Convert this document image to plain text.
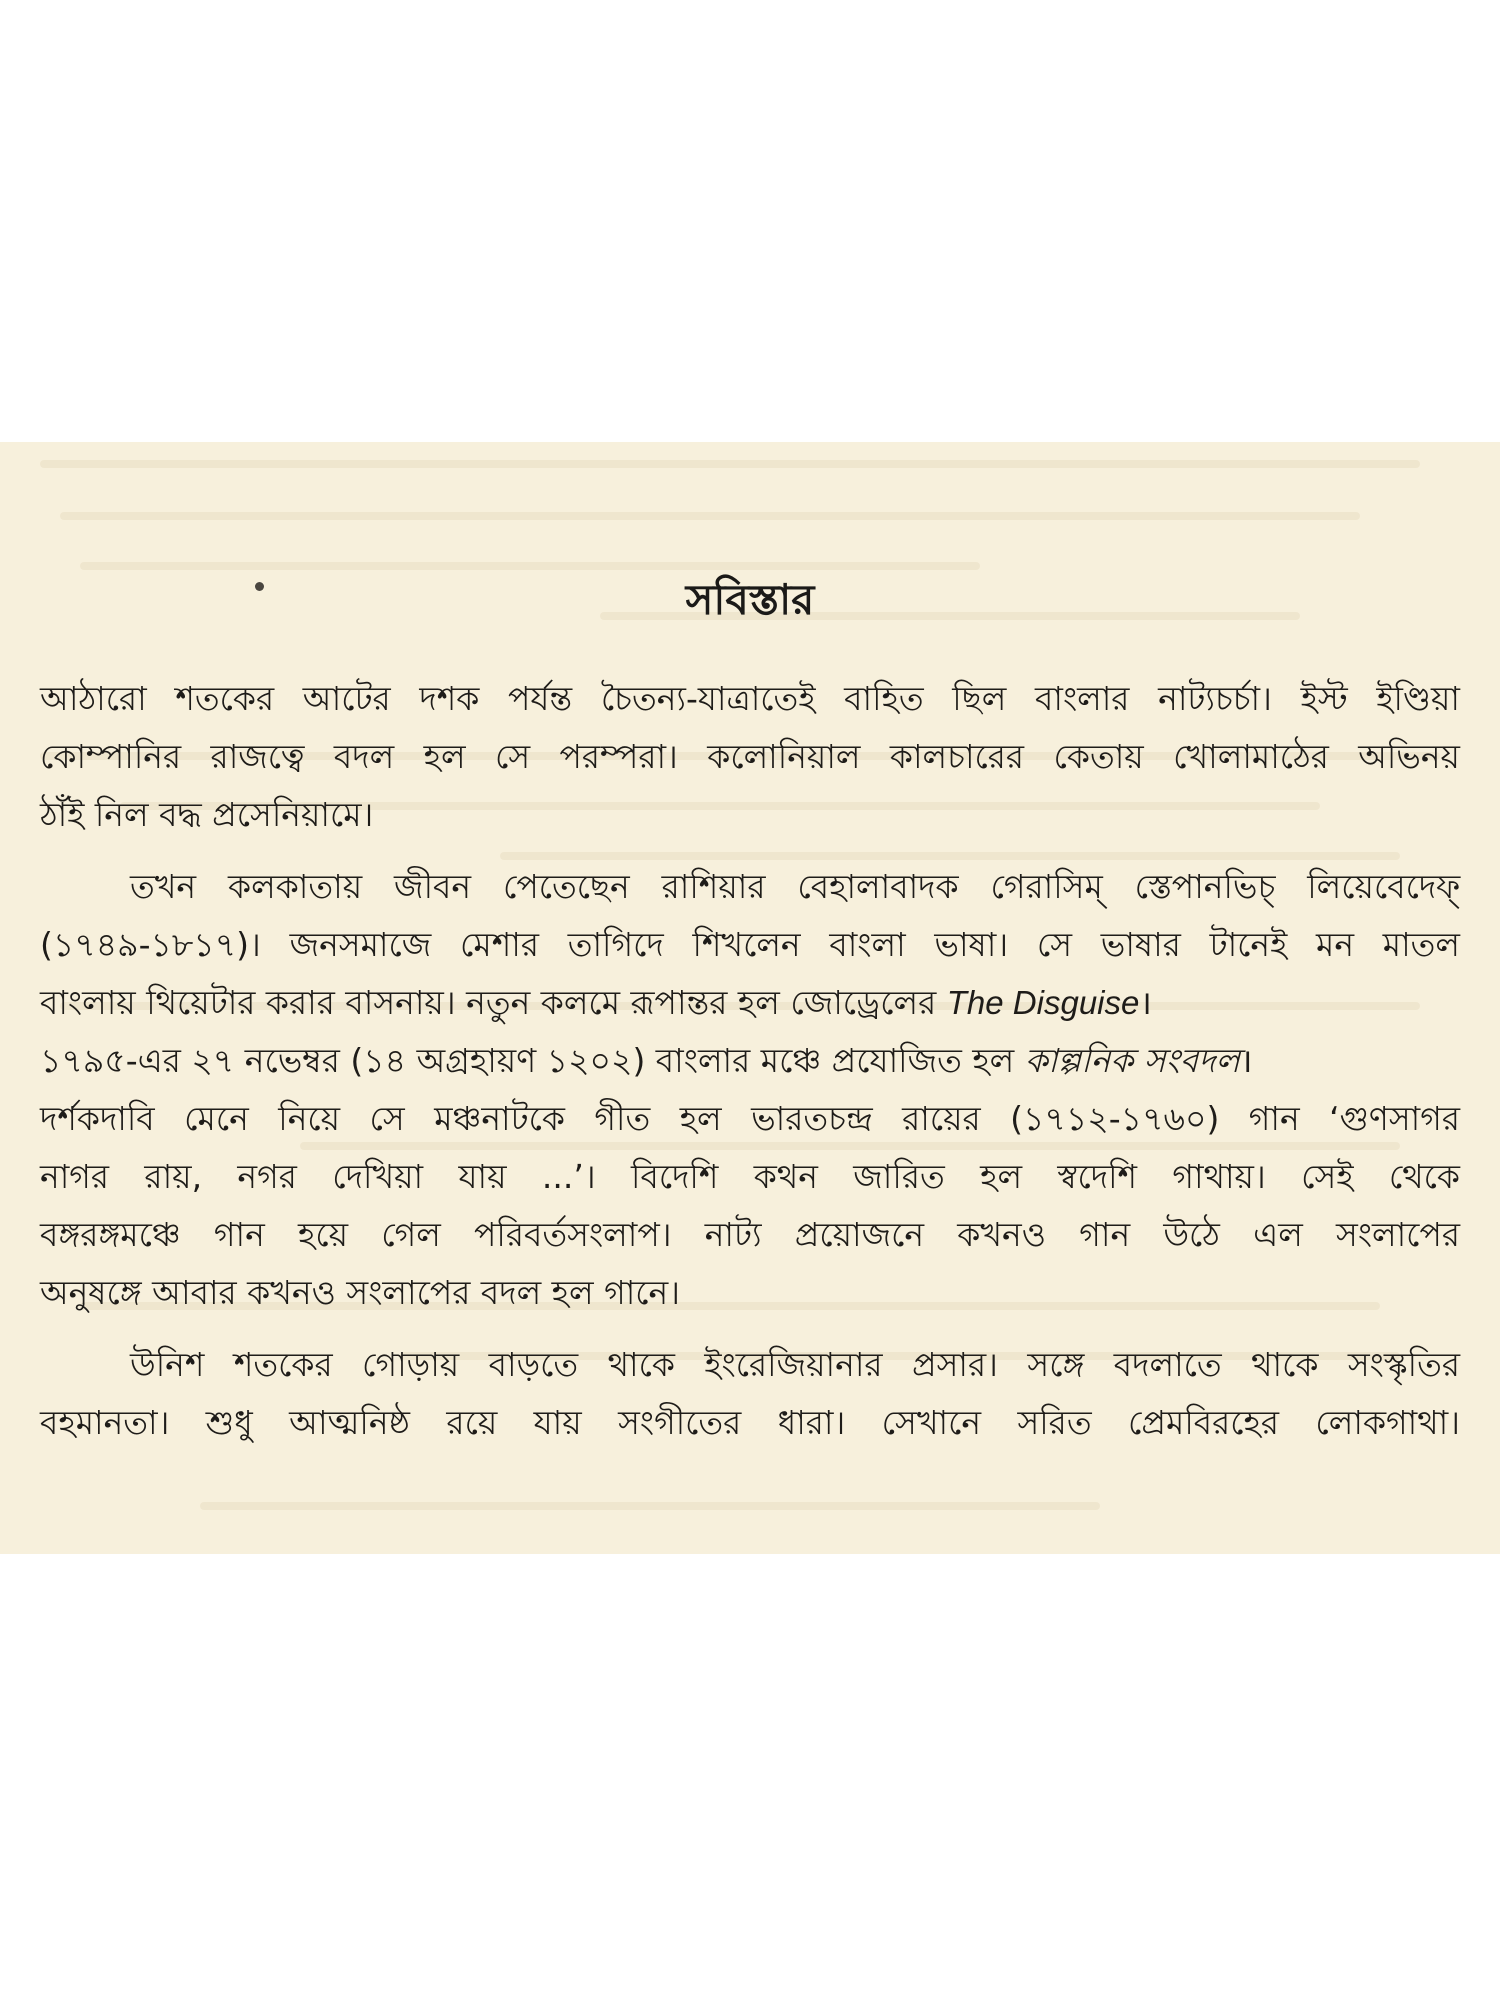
সবিস্তার
আঠারো শতকের আটের দশক পর্যন্ত চৈতন্য-যাত্রাতেই বাহিত ছিল বাংলার নাট্যচর্চা। ইস্ট ইণ্ডিয়া
কোম্পানির রাজত্বে বদল হল সে পরম্পরা। কলোনিয়াল কালচারের কেতায় খোলামাঠের অভিনয়
ঠাঁই নিল বদ্ধ প্রসেনিয়ামে।
তখন কলকাতায় জীবন পেতেছেন রাশিয়ার বেহালাবাদক গেরাসিম্ স্তেপানভিচ্ লিয়েবেদেফ্
(১৭৪৯-১৮১৭)। জনসমাজে মেশার তাগিদে শিখলেন বাংলা ভাষা। সে ভাষার টানেই মন মাতল
বাংলায় থিয়েটার করার বাসনায়। নতুন কলমে রূপান্তর হল জোড্রেলের The Disguise।
১৭৯৫-এর ২৭ নভেম্বর (১৪ অগ্রহায়ণ ১২০২) বাংলার মঞ্চে প্রযোজিত হল কাল্পনিক সংবদল।
দর্শকদাবি মেনে নিয়ে সে মঞ্চনাটকে গীত হল ভারতচন্দ্র রায়ের (১৭১২-১৭৬০) গান ‘গুণসাগর
নাগর রায়, নগর দেখিয়া যায় ...’। বিদেশি কথন জারিত হল স্বদেশি গাথায়। সেই থেকে
বঙ্গরঙ্গমঞ্চে গান হয়ে গেল পরিবর্তসংলাপ। নাট্য প্রয়োজনে কখনও গান উঠে এল সংলাপের
অনুষঙ্গে আবার কখনও সংলাপের বদল হল গানে।
উনিশ শতকের গোড়ায় বাড়তে থাকে ইংরেজিয়ানার প্রসার। সঙ্গে বদলাতে থাকে সংস্কৃতির
বহমানতা। শুধু আত্মনিষ্ঠ রয়ে যায় সংগীতের ধারা। সেখানে সরিত প্রেমবিরহের লোকগাথা।
